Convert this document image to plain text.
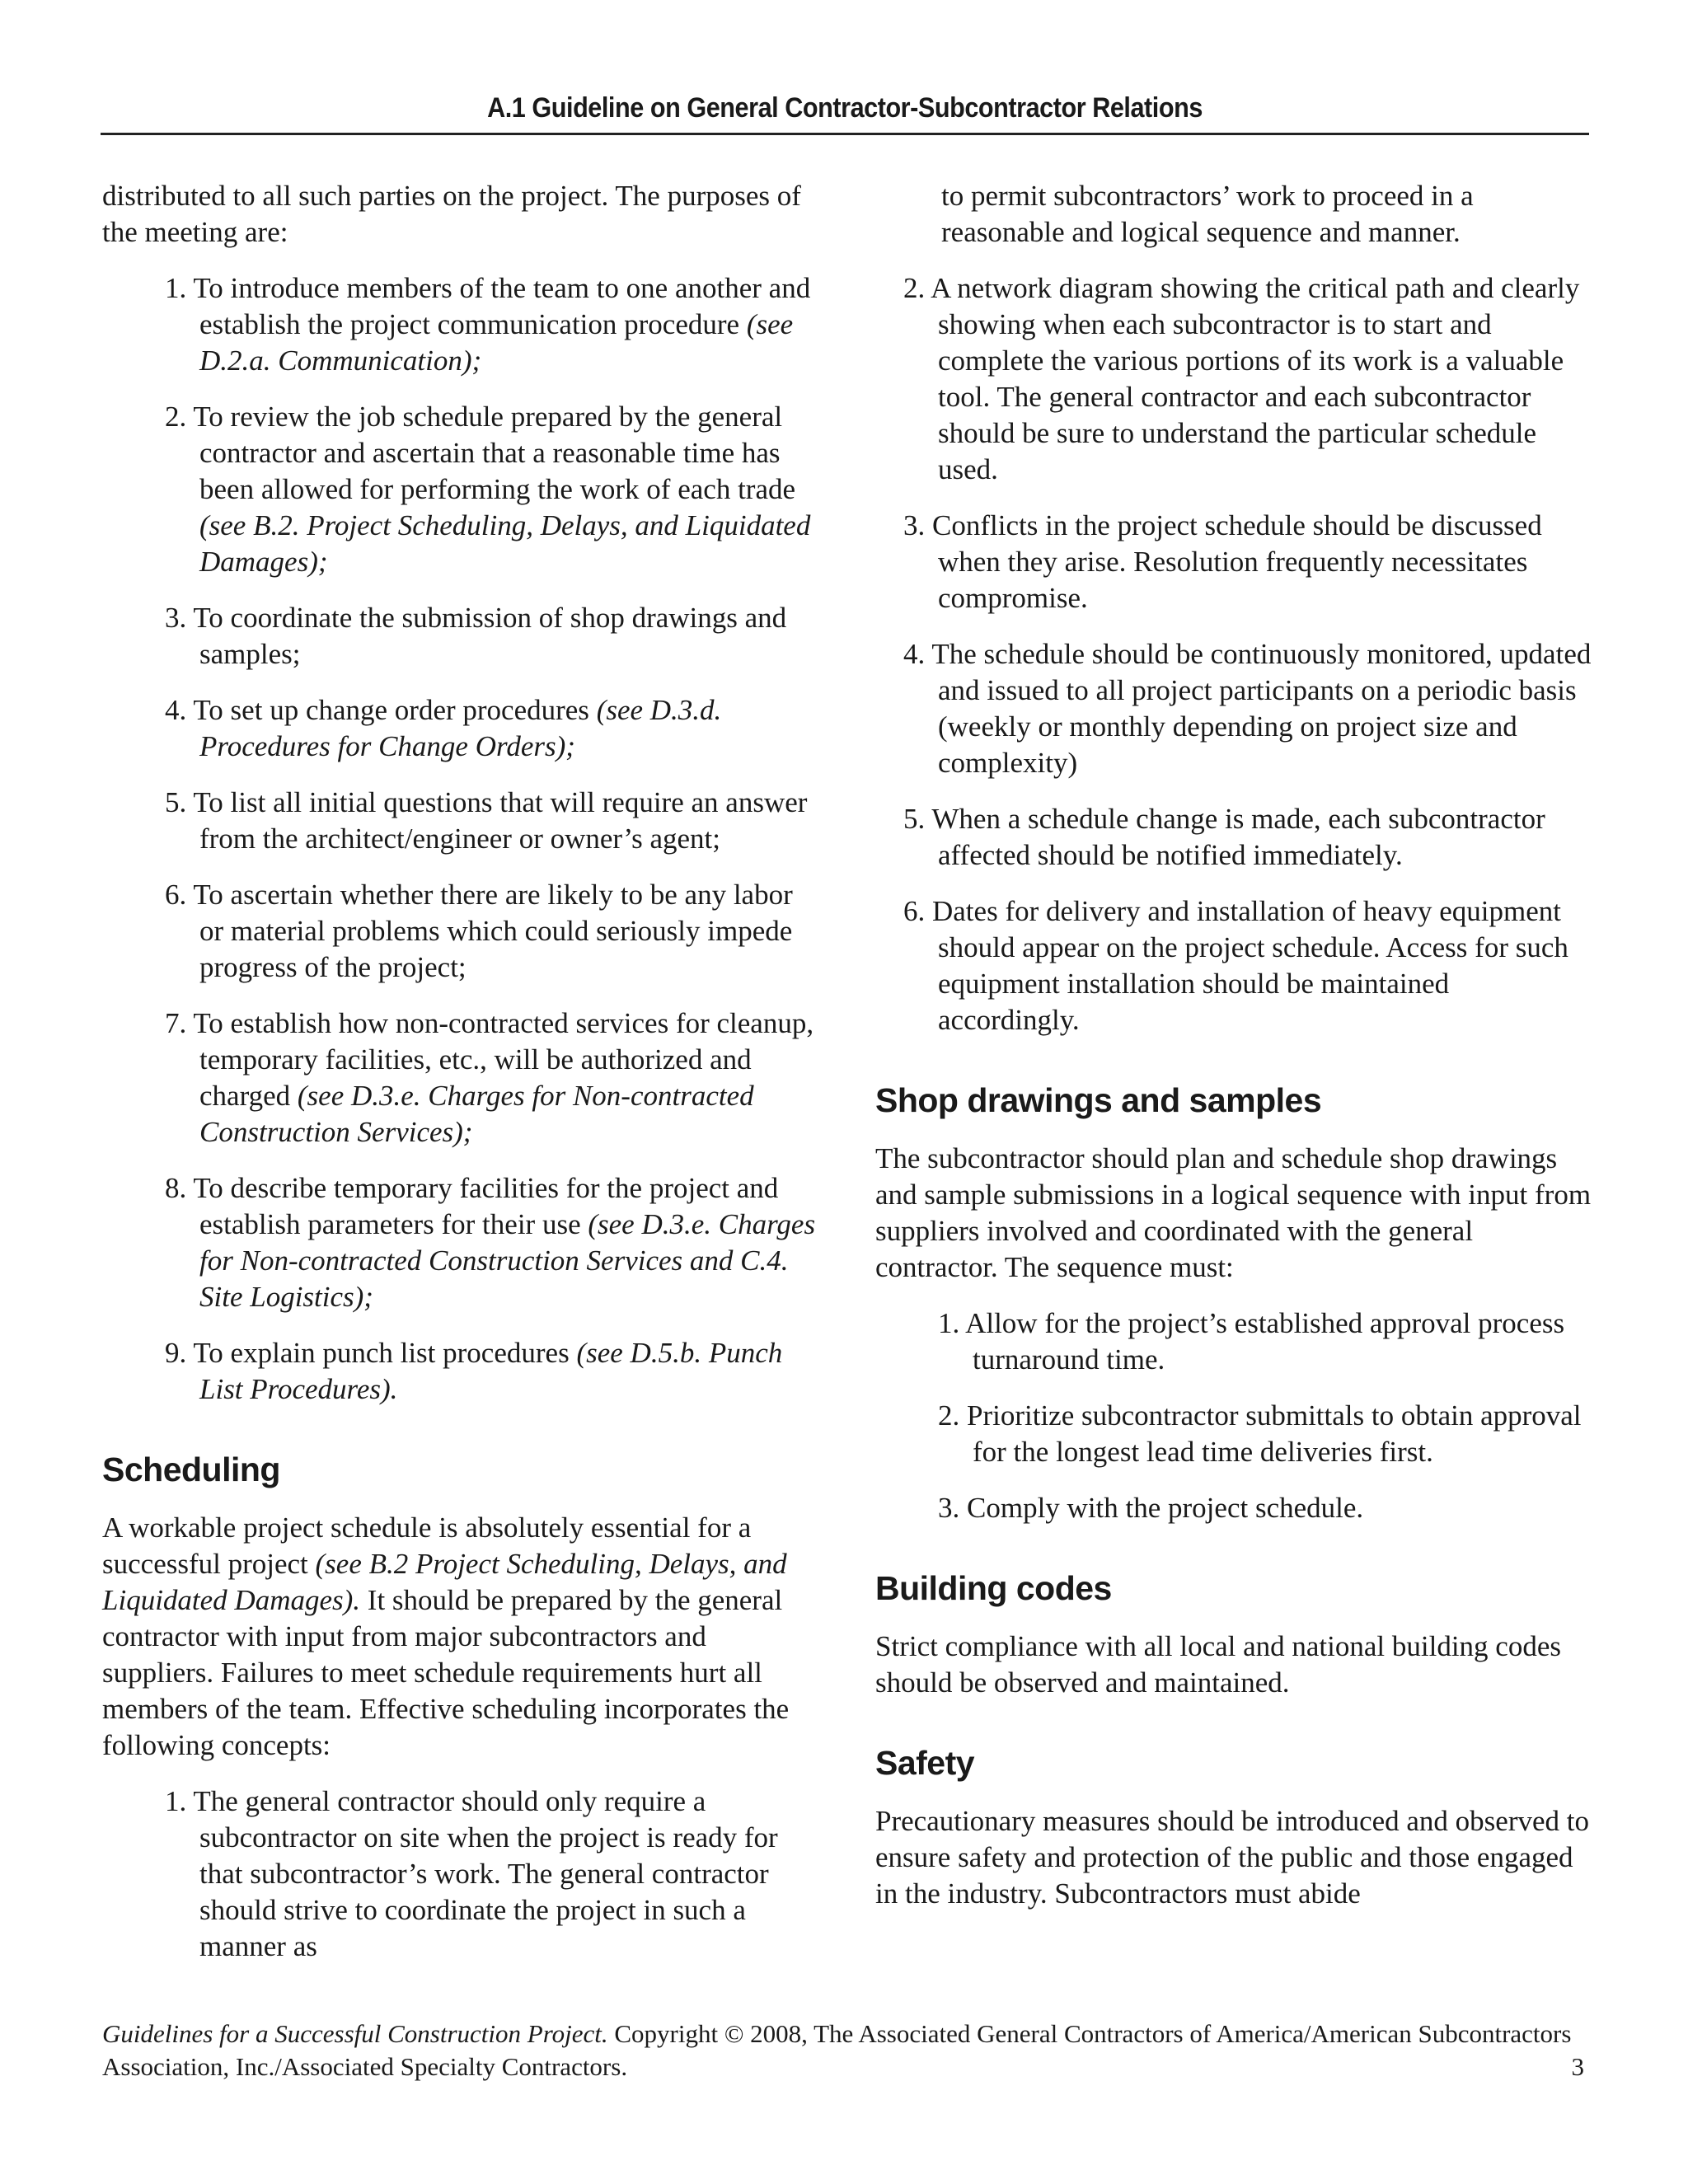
A.1 Guideline on General Contractor-Subcontractor Relations

distributed to all such parties on the project. The purposes of the meeting are:

1. To introduce members of the team to one another and establish the project communication procedure (see D.2.a. Communication);
2. To review the job schedule prepared by the general contractor and ascertain that a reasonable time has been allowed for performing the work of each trade (see B.2. Project Scheduling, Delays, and Liquidated Damages);
3. To coordinate the submission of shop drawings and samples;
4. To set up change order procedures (see D.3.d. Procedures for Change Orders);
5. To list all initial questions that will require an answer from the architect/engineer or owner’s agent;
6. To ascertain whether there are likely to be any labor or material problems which could seriously impede progress of the project;
7. To establish how non-contracted services for cleanup, temporary facilities, etc., will be authorized and charged (see D.3.e. Charges for Non-contracted Construction Services);
8. To describe temporary facilities for the project and establish parameters for their use (see D.3.e. Charges for Non-contracted Construction Services and C.4. Site Logistics);
9. To explain punch list procedures (see D.5.b. Punch List Procedures).
Scheduling

A workable project schedule is absolutely essential for a successful project (see B.2 Project Scheduling, Delays, and Liquidated Damages). It should be prepared by the general contractor with input from major subcontractors and suppliers. Failures to meet schedule requirements hurt all members of the team. Effective scheduling incorporates the following concepts:

1. The general contractor should only require a subcontractor on site when the project is ready for that subcontractor’s work. The general contractor should strive to coordinate the project in such a manner as

to permit subcontractors’ work to proceed in a reasonable and logical sequence and manner.

2. A network diagram showing the critical path and clearly showing when each subcontractor is to start and complete the various portions of its work is a valuable tool. The general contractor and each subcontractor should be sure to understand the particular schedule used.
3. Conflicts in the project schedule should be discussed when they arise. Resolution frequently necessitates compromise.
4. The schedule should be continuously monitored, updated and issued to all project participants on a periodic basis (weekly or monthly depending on project size and complexity)
5. When a schedule change is made, each subcontractor affected should be notified immediately.
6. Dates for delivery and installation of heavy equipment should appear on the project schedule. Access for such equipment installation should be maintained accordingly.
Shop drawings and samples

The subcontractor should plan and schedule shop drawings and sample submissions in a logical sequence with input from suppliers involved and coordinated with the general contractor. The sequence must:

1. Allow for the project’s established approval process turnaround time.
2. Prioritize subcontractor submittals to obtain approval for the longest lead time deliveries first.
3. Comply with the project schedule.
Building codes

Strict compliance with all local and national building codes should be observed and maintained.

Safety

Precautionary measures should be introduced and observed to ensure safety and protection of the public and those engaged in the industry. Subcontractors must abide

Guidelines for a Successful Construction Project. Copyright © 2008, The Associated General Contractors of America/American Subcontractors Association, Inc./Associated Specialty Contractors.	3
